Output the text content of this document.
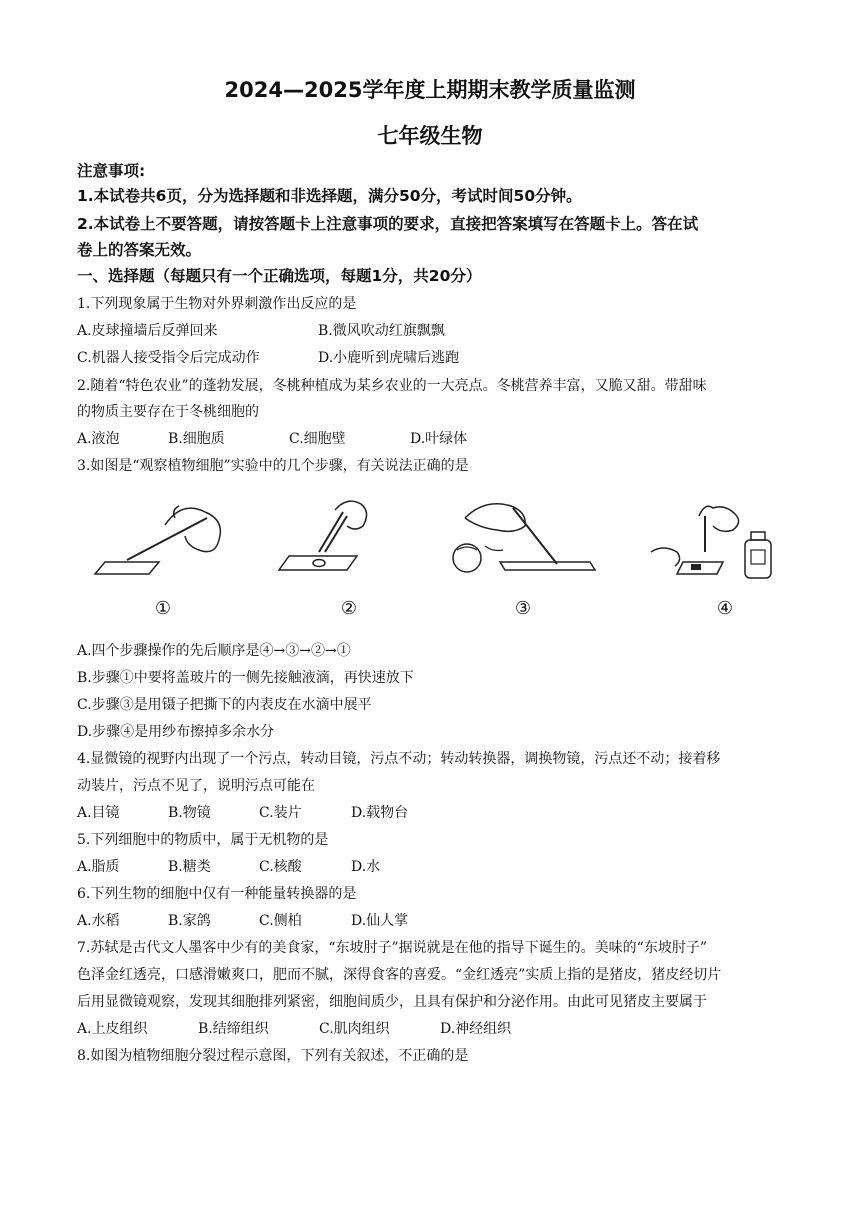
2024—2025学年度上期期末教学质量监测
七年级生物
注意事项:
1.本试卷共6页，分为选择题和非选择题，满分50分，考试时间50分钟。
2.本试卷上不要答题，请按答题卡上注意事项的要求，直接把答案填写在答题卡上。答在试
卷上的答案无效。
一、选择题（每题只有一个正确选项，每题1分，共20分）
1.下列现象属于生物对外界刺激作出反应的是
A.皮球撞墙后反弹回来	B.微风吹动红旗飘飘
C.机器人接受指令后完成动作	D.小鹿听到虎啸后逃跑
2.随着“特色农业”的蓬勃发展，冬桃种植成为某乡农业的一大亮点。冬桃营养丰富，又脆又甜。带甜味
的物质主要存在于冬桃细胞的
A.液泡	B.细胞质	C.细胞壁	D.叶绿体
3.如图是“观察植物细胞”实验中的几个步骤，有关说法正确的是
①	②	③	④
A.四个步骤操作的先后顺序是④→③→②→①
B.步骤①中要将盖玻片的一侧先接触液滴，再快速放下
C.步骤③是用镊子把撕下的内表皮在水滴中展平
D.步骤④是用纱布擦掉多余水分
4.显微镜的视野内出现了一个污点，转动目镜，污点不动；转动转换器，调换物镜，污点还不动；接着移
动装片，污点不见了，说明污点可能在
A.目镜	B.物镜	C.装片	D.载物台
5.下列细胞中的物质中，属于无机物的是
A.脂质	B.糖类	C.核酸	D.水
6.下列生物的细胞中仅有一种能量转换器的是
A.水稻	B.家鸽	C.侧柏	D.仙人掌
7.苏轼是古代文人墨客中少有的美食家，“东坡肘子”据说就是在他的指导下诞生的。美味的“东坡肘子”
色泽金红透亮，口感滑嫩爽口，肥而不腻，深得食客的喜爱。“金红透亮”实质上指的是猪皮，猪皮经切片
后用显微镜观察，发现其细胞排列紧密，细胞间质少，且具有保护和分泌作用。由此可见猪皮主要属于
A.上皮组织	B.结缔组织	C.肌肉组织	D.神经组织
8.如图为植物细胞分裂过程示意图，下列有关叙述，不正确的是
